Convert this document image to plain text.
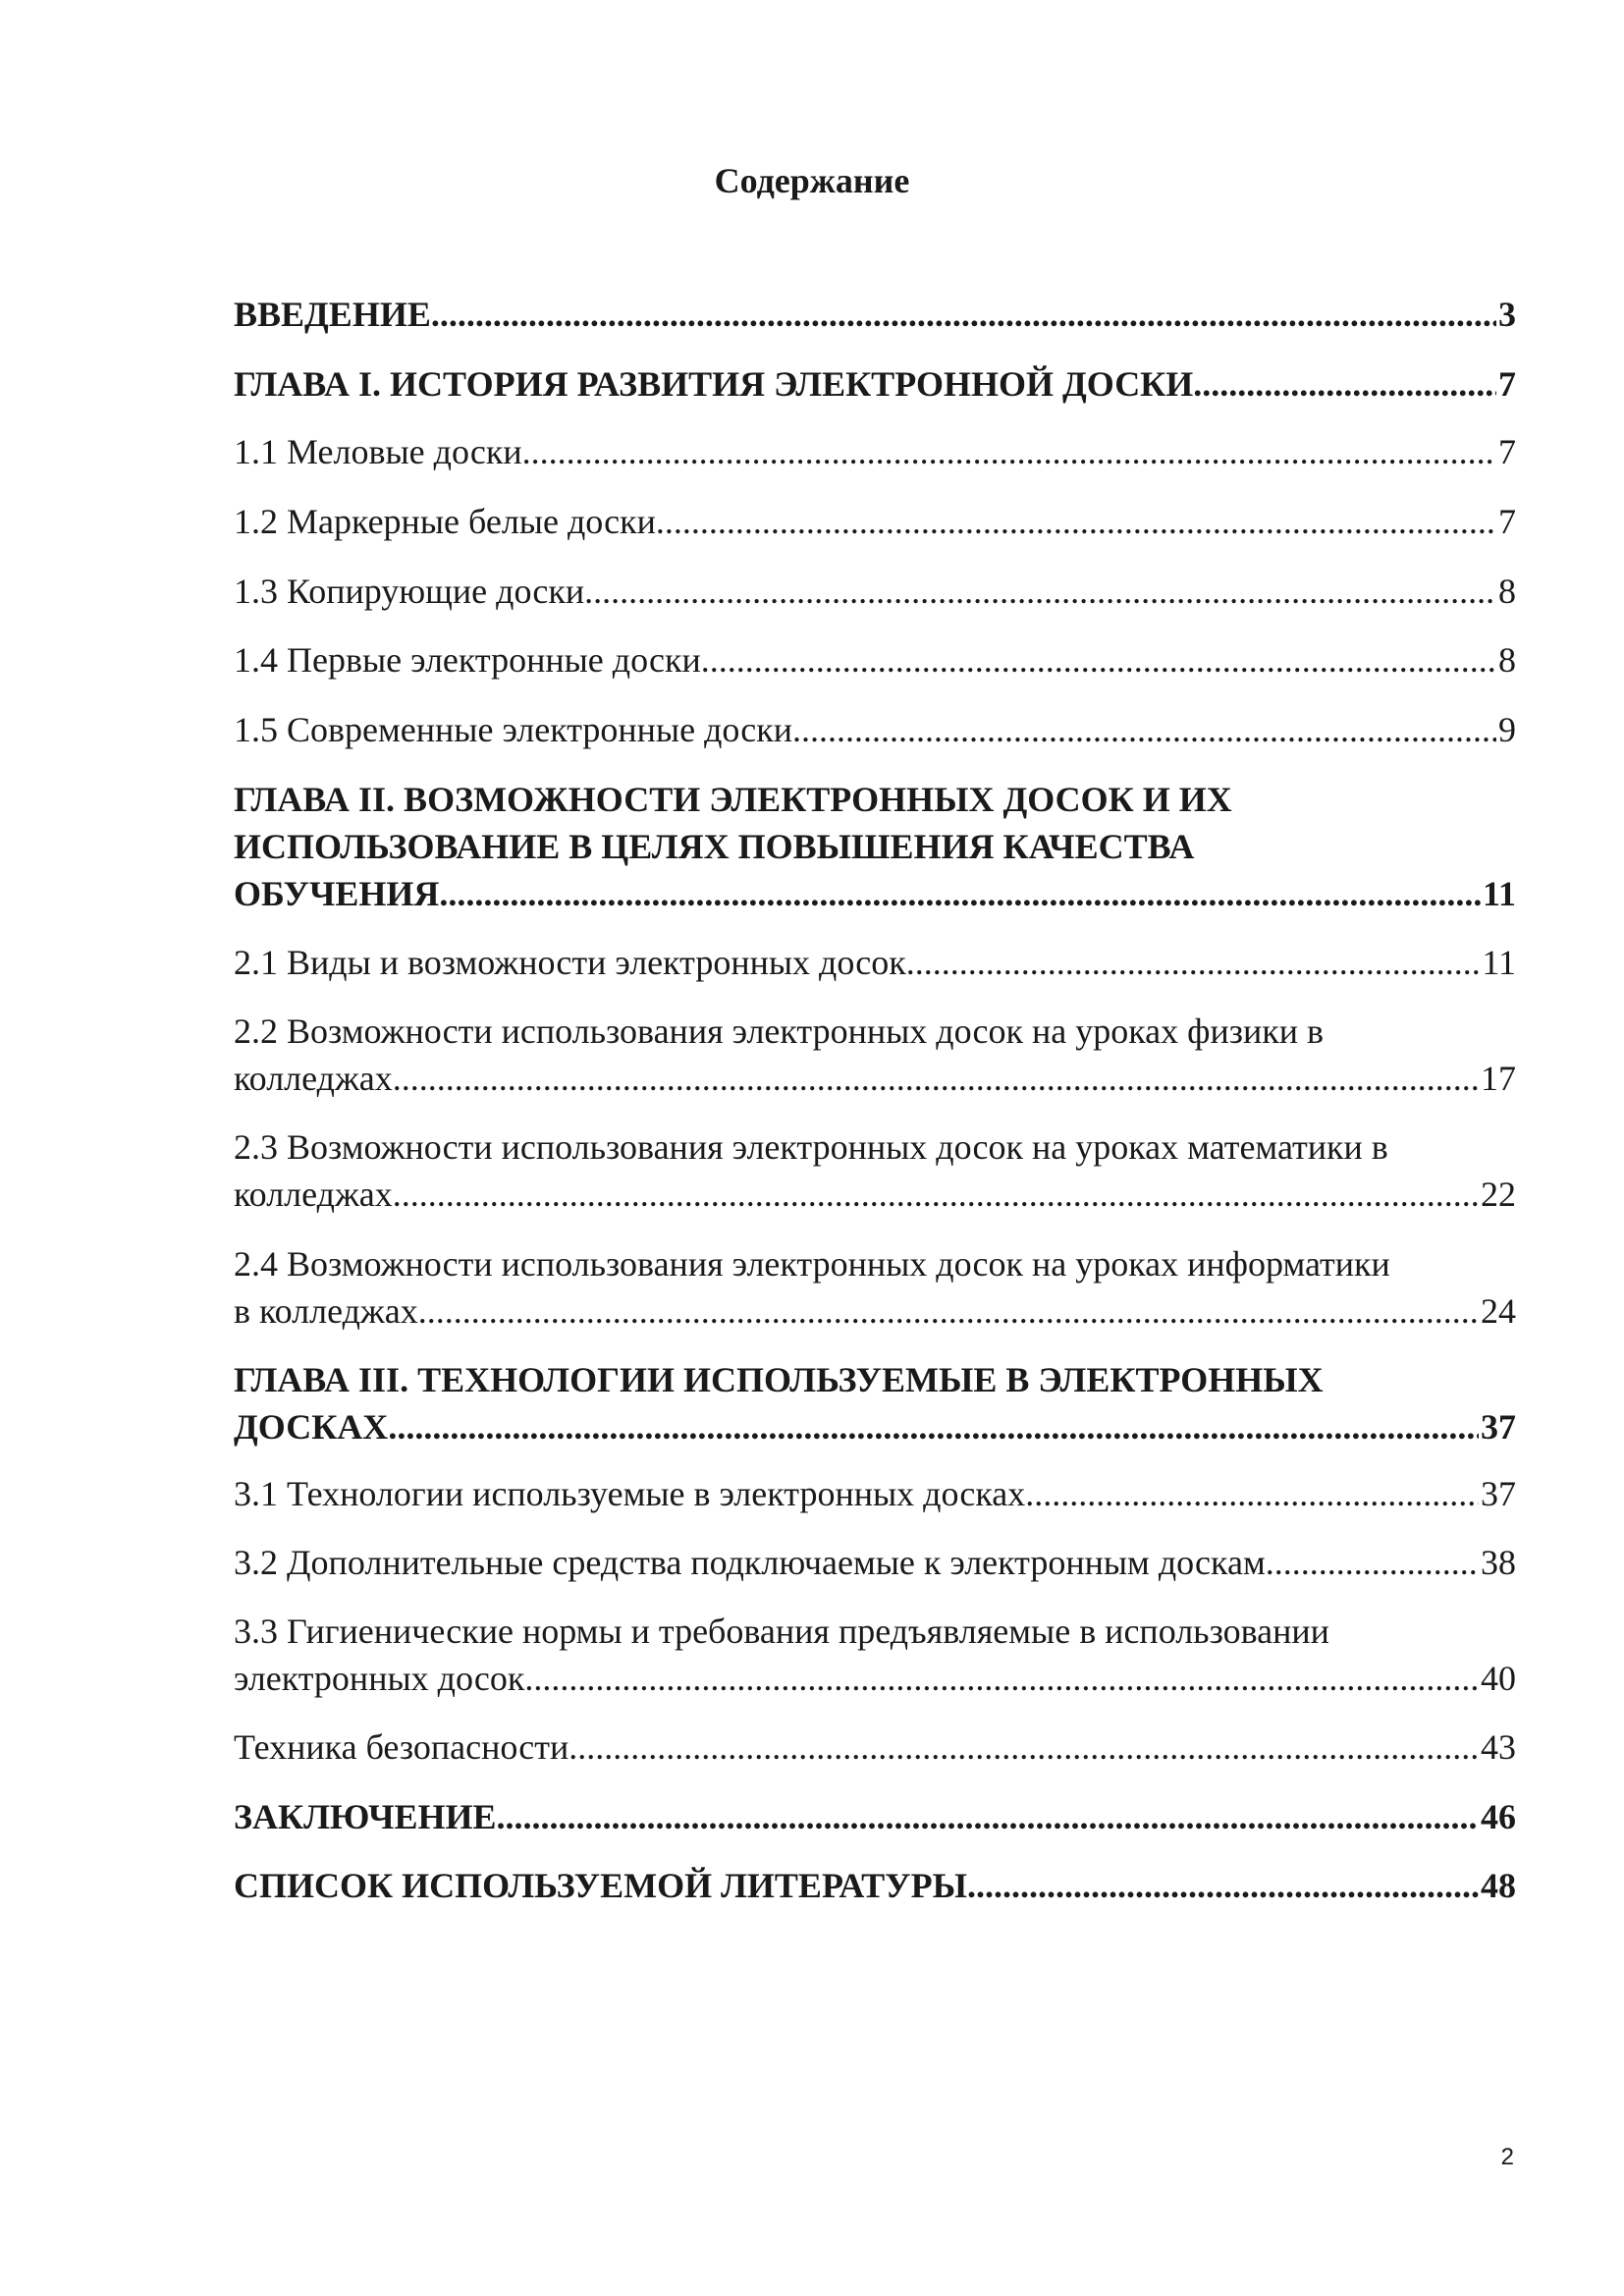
Содержание
ВВЕДЕНИЕ .....	3
ГЛАВА I. ИСТОРИЯ РАЗВИТИЯ ЭЛЕКТРОННОЙ ДОСКИ .....	7
1.1 Меловые доски. .....	7
1.2 Маркерные белые доски. .....	7
1.3 Копирующие доски. .....	8
1.4 Первые электронные доски .....	8
1.5 Современные электронные доски .....	9
ГЛАВА II. ВОЗМОЖНОСТИ ЭЛЕКТРОННЫХ ДОСОК И ИХ
ИСПОЛЬЗОВАНИЕ В ЦЕЛЯХ ПОВЫШЕНИЯ КАЧЕСТВА
ОБУЧЕНИЯ .....	11
2.1 Виды и возможности электронных досок .....	11
2.2 Возможности использования электронных досок на уроках физики в
колледжах. .....	17
2.3 Возможности использования электронных досок на уроках математики в
колледжах. .....	22
2.4 Возможности использования электронных досок на уроках информатики
в колледжах. .....	24
ГЛАВА III. ТЕХНОЛОГИИ ИСПОЛЬЗУЕМЫЕ В ЭЛЕКТРОННЫХ
ДОСКАХ .....	37
3.1 Технологии используемые в электронных досках .....	37
3.2 Дополнительные средства подключаемые к электронным доскам .....	38
3.3 Гигиенические нормы и требования предъявляемые в использовании
электронных досок .....	40
Техника безопасности .....	43
ЗАКЛЮЧЕНИЕ .....	46
СПИСОК ИСПОЛЬЗУЕМОЙ ЛИТЕРАТУРЫ .....	48
2
